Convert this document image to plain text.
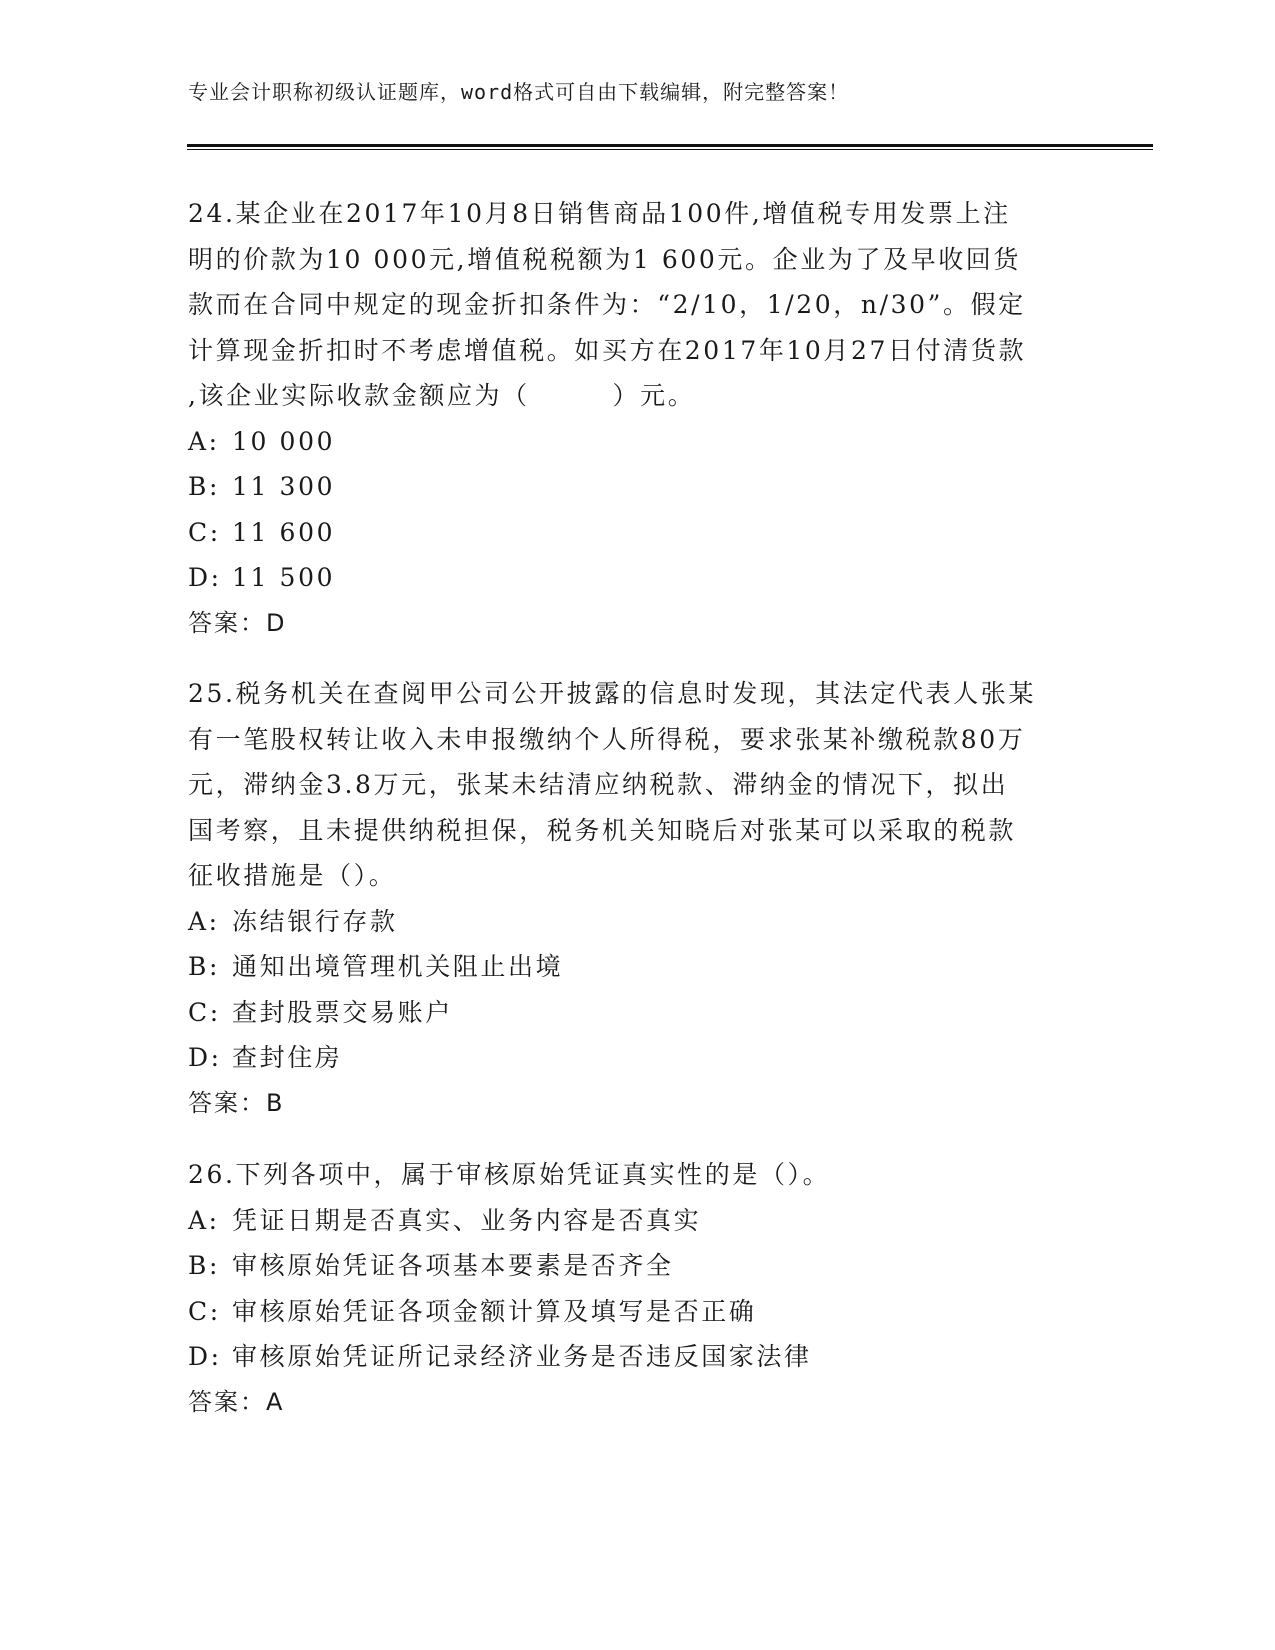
专业会计职称初级认证题库，word格式可自由下载编辑，附完整答案！

24.某企业在2017年10月8日销售商品100件,增值税专用发票上注

明的价款为10 000元,增值税税额为1 600元。企业为了及早收回货

款而在合同中规定的现金折扣条件为：“2/10，1/20，n/30”。假定

计算现金折扣时不考虑增值税。如买方在2017年10月27日付清货款

,该企业实际收款金额应为（　　　）元。

A: 10 000

B: 11 300

C: 11 600

D: 11 500

答案：D

25.税务机关在查阅甲公司公开披露的信息时发现，其法定代表人张某

有一笔股权转让收入未申报缴纳个人所得税，要求张某补缴税款80万

元，滞纳金3.8万元，张某未结清应纳税款、滞纳金的情况下，拟出

国考察，且未提供纳税担保，税务机关知晓后对张某可以采取的税款

征收措施是（）。

A: 冻结银行存款

B: 通知出境管理机关阻止出境

C: 查封股票交易账户

D: 查封住房

答案：B

26.下列各项中，属于审核原始凭证真实性的是（）。

A: 凭证日期是否真实、业务内容是否真实

B: 审核原始凭证各项基本要素是否齐全

C: 审核原始凭证各项金额计算及填写是否正确

D: 审核原始凭证所记录经济业务是否违反国家法律

答案：A
